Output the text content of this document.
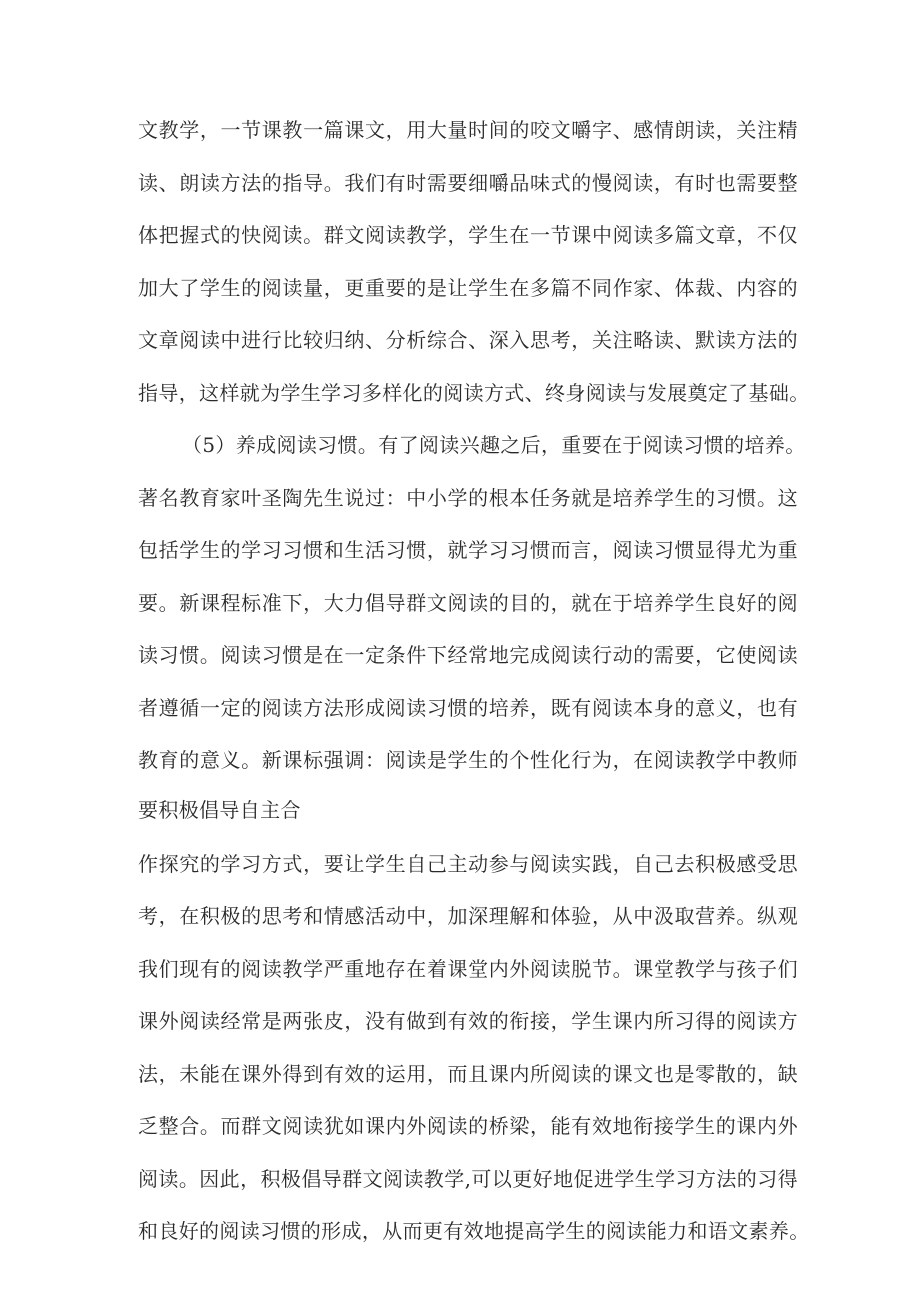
文教学，一节课教一篇课文，用大量时间的咬文嚼字、感情朗读，关注精
读、朗读方法的指导。我们有时需要细嚼品味式的慢阅读，有时也需要整
体把握式的快阅读。群文阅读教学，学生在一节课中阅读多篇文章，不仅
加大了学生的阅读量，更重要的是让学生在多篇不同作家、体裁、内容的
文章阅读中进行比较归纳、分析综合、深入思考，关注略读、默读方法的
指导，这样就为学生学习多样化的阅读方式、终身阅读与发展奠定了基础。
（5）养成阅读习惯。有了阅读兴趣之后，重要在于阅读习惯的培养。
著名教育家叶圣陶先生说过：中小学的根本任务就是培养学生的习惯。这
包括学生的学习习惯和生活习惯，就学习习惯而言，阅读习惯显得尤为重
要。新课程标准下，大力倡导群文阅读的目的，就在于培养学生良好的阅
读习惯。阅读习惯是在一定条件下经常地完成阅读行动的需要，它使阅读
者遵循一定的阅读方法形成阅读习惯的培养，既有阅读本身的意义，也有
教育的意义。新课标强调：阅读是学生的个性化行为，在阅读教学中教师
要积极倡导自主合
作探究的学习方式，要让学生自己主动参与阅读实践，自己去积极感受思
考，在积极的思考和情感活动中，加深理解和体验，从中汲取营养。纵观
我们现有的阅读教学严重地存在着课堂内外阅读脱节。课堂教学与孩子们
课外阅读经常是两张皮，没有做到有效的衔接，学生课内所习得的阅读方
法，未能在课外得到有效的运用，而且课内所阅读的课文也是零散的，缺
乏整合。而群文阅读犹如课内外阅读的桥梁，能有效地衔接学生的课内外
阅读。因此，积极倡导群文阅读教学,可以更好地促进学生学习方法的习得
和良好的阅读习惯的形成，从而更有效地提高学生的阅读能力和语文素养。
